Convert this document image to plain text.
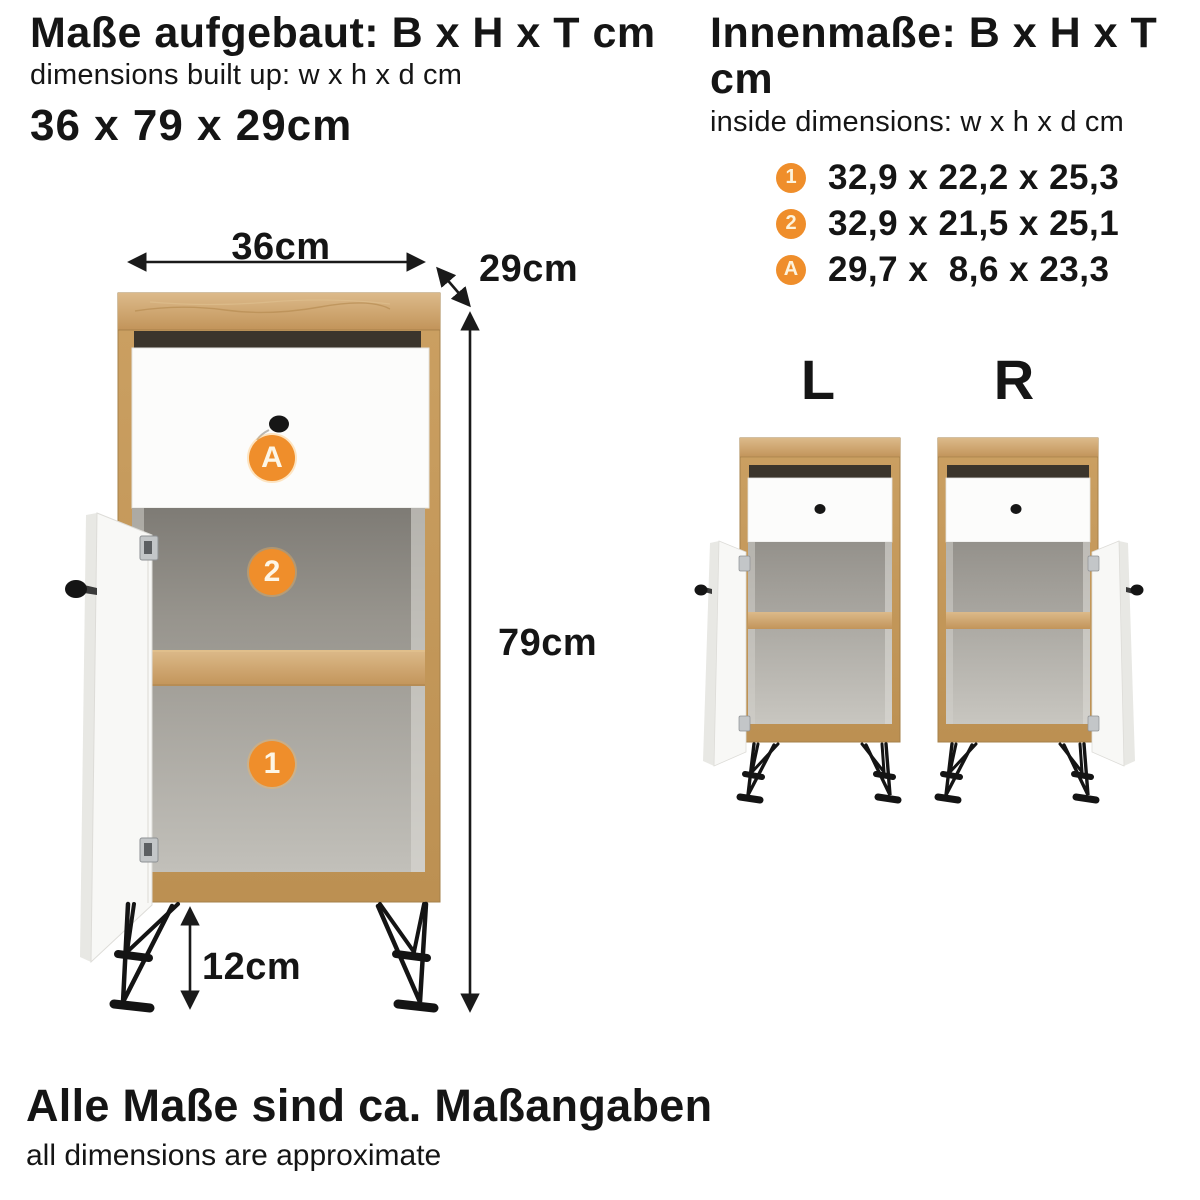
Maße aufgebaut: B x H x T cm
dimensions built up: w x h x d cm
36 x 79 x 29cm
Innenmaße: B x H x T cm
inside dimensions: w x h x d cm
1 32,9 x 22,2 x 25,3
2 32,9 x 21,5 x 25,1
A 29,7 x  8,6 x 23,3
36cm
29cm
79cm
12cm
A
2
1
L	R
Alle Maße sind ca. Maßangaben
all dimensions are approximate
